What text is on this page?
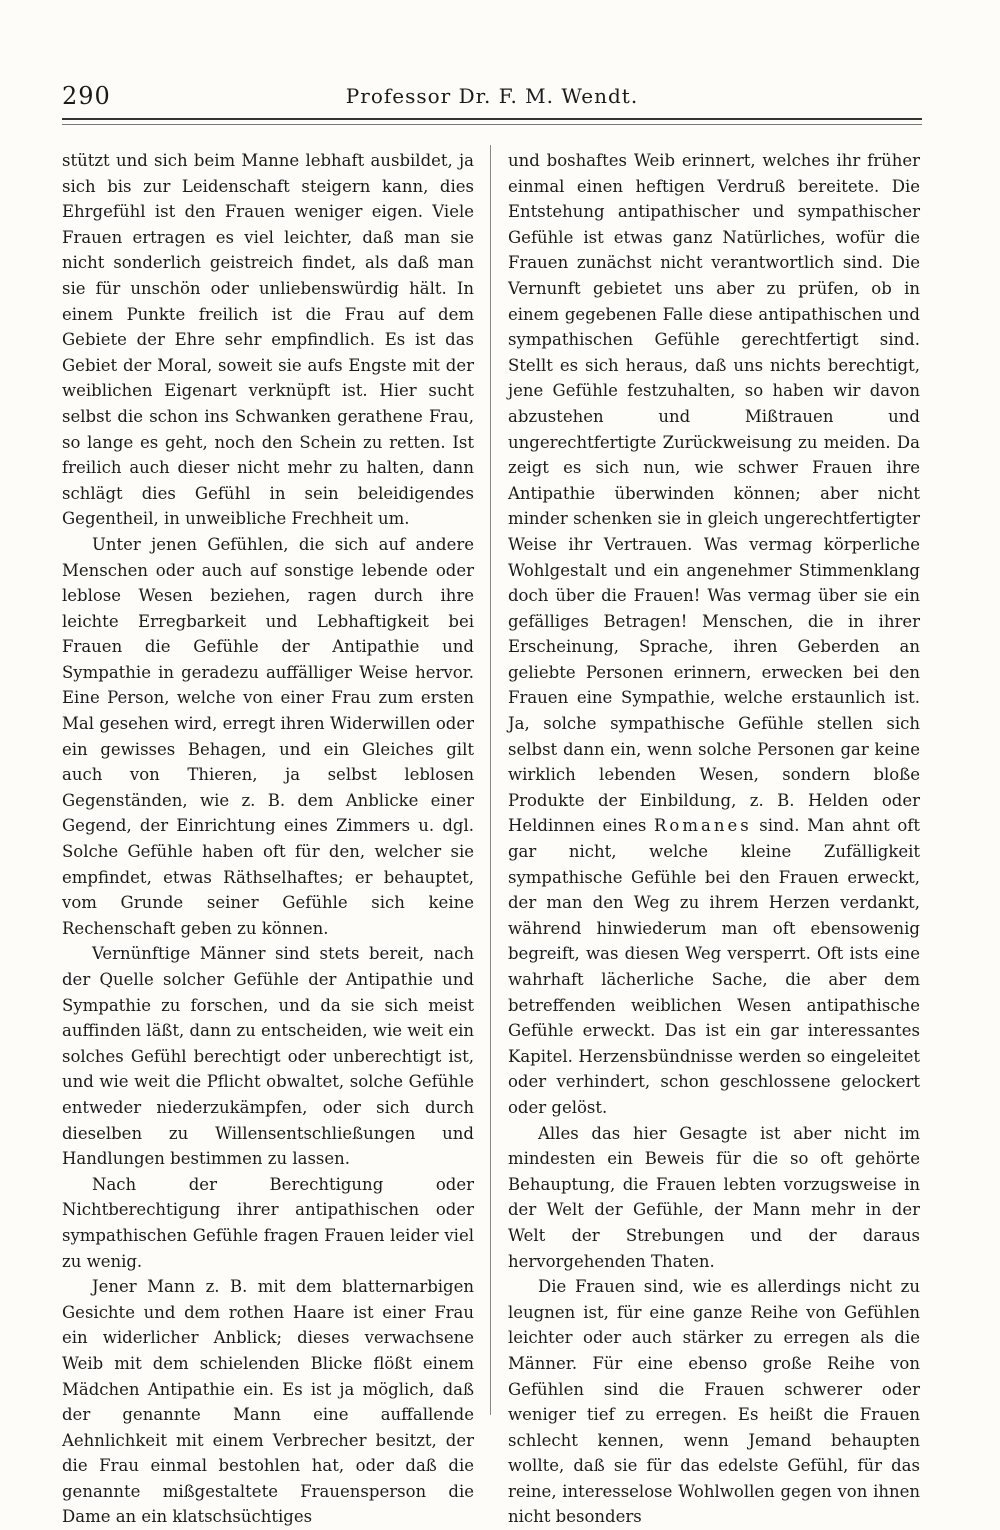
290	Professor Dr. F. M. Wendt.

stützt und sich beim Manne lebhaft ausbildet, ja sich bis zur Leidenschaft steigern kann, dies Ehrgefühl ist den Frauen weniger eigen. Viele Frauen ertragen es viel leichter, daß man sie nicht sonderlich geistreich findet, als daß man sie für unschön oder unliebenswürdig hält. In einem Punkte freilich ist die Frau auf dem Gebiete der Ehre sehr empfindlich. Es ist das Gebiet der Moral, soweit sie aufs Engste mit der weiblichen Eigenart verknüpft ist. Hier sucht selbst die schon ins Schwanken gerathene Frau, so lange es geht, noch den Schein zu retten. Ist freilich auch dieser nicht mehr zu halten, dann schlägt dies Gefühl in sein beleidigendes Gegentheil, in unweibliche Frechheit um.

Unter jenen Gefühlen, die sich auf andere Menschen oder auch auf sonstige lebende oder leblose Wesen beziehen, ragen durch ihre leichte Erregbarkeit und Lebhaftigkeit bei Frauen die Gefühle der Antipathie und Sympathie in geradezu auffälliger Weise hervor. Eine Person, welche von einer Frau zum ersten Mal gesehen wird, erregt ihren Widerwillen oder ein gewisses Behagen, und ein Gleiches gilt auch von Thieren, ja selbst leblosen Gegenständen, wie z. B. dem Anblicke einer Gegend, der Einrichtung eines Zimmers u. dgl. Solche Gefühle haben oft für den, welcher sie empfindet, etwas Räthselhaftes; er behauptet, vom Grunde seiner Gefühle sich keine Rechenschaft geben zu können.

Vernünftige Männer sind stets bereit, nach der Quelle solcher Gefühle der Antipathie und Sympathie zu forschen, und da sie sich meist auffinden läßt, dann zu entscheiden, wie weit ein solches Gefühl berechtigt oder unberechtigt ist, und wie weit die Pflicht obwaltet, solche Gefühle entweder niederzukämpfen, oder sich durch dieselben zu Willensentschließungen und Handlungen bestimmen zu lassen.

Nach der Berechtigung oder Nichtberechtigung ihrer antipathischen oder sympathischen Gefühle fragen Frauen leider viel zu wenig.

Jener Mann z. B. mit dem blatternarbigen Gesichte und dem rothen Haare ist einer Frau ein widerlicher Anblick; dieses verwachsene Weib mit dem schielenden Blicke flößt einem Mädchen Antipathie ein. Es ist ja möglich, daß der genannte Mann eine auffallende Aehnlichkeit mit einem Verbrecher besitzt, der die Frau einmal bestohlen hat, oder daß die genannte mißgestaltete Frauensperson die Dame an ein klatschsüchtiges

und boshaftes Weib erinnert, welches ihr früher einmal einen heftigen Verdruß bereitete. Die Entstehung antipathischer und sympathischer Gefühle ist etwas ganz Natürliches, wofür die Frauen zunächst nicht verantwortlich sind. Die Vernunft gebietet uns aber zu prüfen, ob in einem gegebenen Falle diese antipathischen und sympathischen Gefühle gerechtfertigt sind. Stellt es sich heraus, daß uns nichts berechtigt, jene Gefühle festzuhalten, so haben wir davon abzustehen und Mißtrauen und ungerechtfertigte Zurückweisung zu meiden. Da zeigt es sich nun, wie schwer Frauen ihre Antipathie überwinden können; aber nicht minder schenken sie in gleich ungerechtfertigter Weise ihr Vertrauen. Was vermag körperliche Wohlgestalt und ein angenehmer Stimmenklang doch über die Frauen! Was vermag über sie ein gefälliges Betragen! Menschen, die in ihrer Erscheinung, Sprache, ihren Geberden an geliebte Personen erinnern, erwecken bei den Frauen eine Sympathie, welche erstaunlich ist. Ja, solche sympathische Gefühle stellen sich selbst dann ein, wenn solche Personen gar keine wirklich lebenden Wesen, sondern bloße Produkte der Einbildung, z. B. Helden oder Heldinnen eines Romanes sind. Man ahnt oft gar nicht, welche kleine Zufälligkeit sympathische Gefühle bei den Frauen erweckt, der man den Weg zu ihrem Herzen verdankt, während hinwiederum man oft ebensowenig begreift, was diesen Weg versperrt. Oft ists eine wahrhaft lächerliche Sache, die aber dem betreffenden weiblichen Wesen antipathische Gefühle erweckt. Das ist ein gar interessantes Kapitel. Herzensbündnisse werden so eingeleitet oder verhindert, schon geschlossene gelockert oder gelöst.

Alles das hier Gesagte ist aber nicht im mindesten ein Beweis für die so oft gehörte Behauptung, die Frauen lebten vorzugsweise in der Welt der Gefühle, der Mann mehr in der Welt der Strebungen und der daraus hervorgehenden Thaten.

Die Frauen sind, wie es allerdings nicht zu leugnen ist, für eine ganze Reihe von Gefühlen leichter oder auch stärker zu erregen als die Männer. Für eine ebenso große Reihe von Gefühlen sind die Frauen schwerer oder weniger tief zu erregen. Es heißt die Frauen schlecht kennen, wenn Jemand behaupten wollte, daß sie für das edelste Gefühl, für das reine, interesselose Wohlwollen gegen von ihnen nicht besonders
